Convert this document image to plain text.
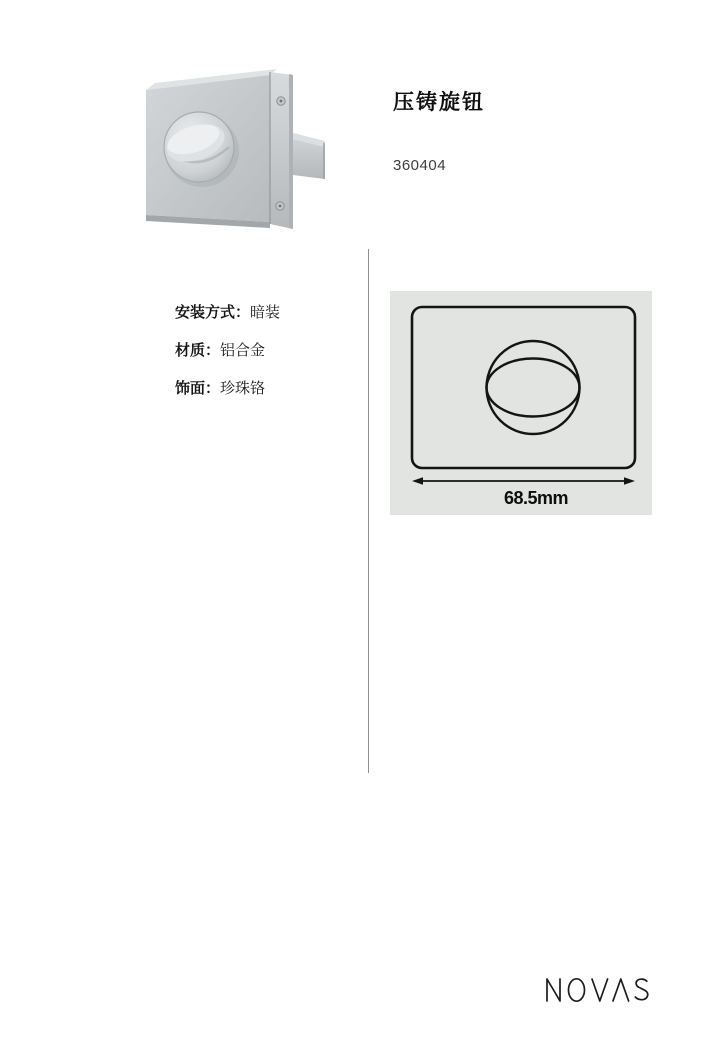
压铸旋钮
360404
安装方式：暗装
材质：铝合金
饰面：珍珠铬
68.5mm
